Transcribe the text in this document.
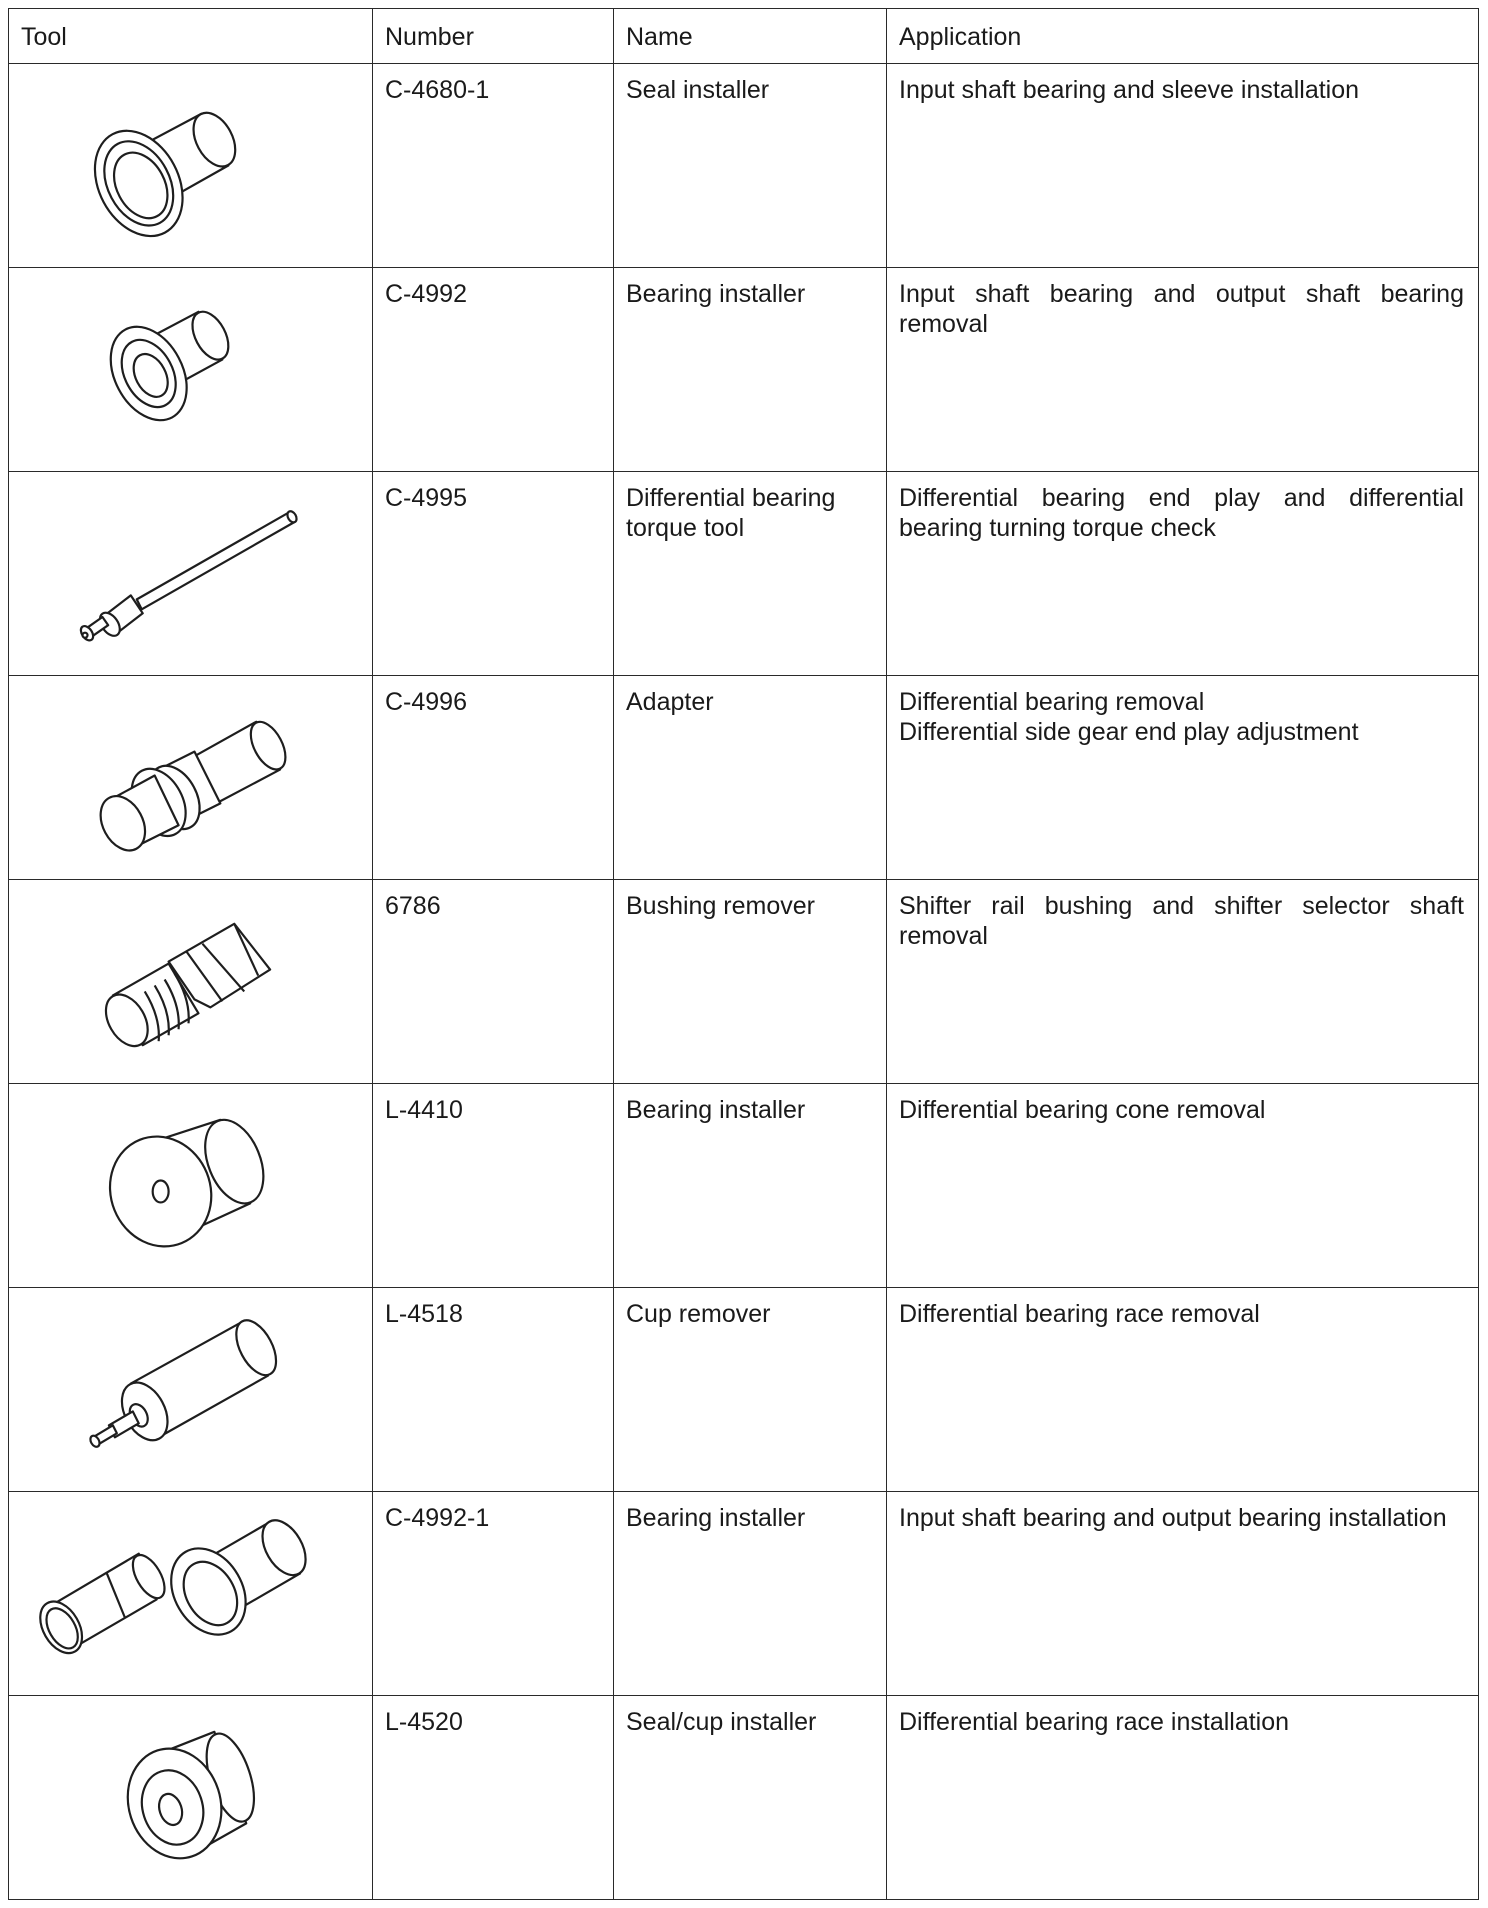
Tool	Number	Name	Application

	C-4680-1	Seal installer	Input shaft bearing and sleeve installation

	C-4992	Bearing installer	Input shaft bearing and output shaft bearing removal

	C-4995	Differential bearing torque tool	Differential bearing end play and differential bearing turning torque check

	C-4996	Adapter	Differential bearing removal
Differential side gear end play adjustment

	6786	Bushing remover	Shifter rail bushing and shifter selector shaft removal

	L-4410	Bearing installer	Differential bearing cone removal

	L-4518	Cup remover	Differential bearing race removal

	C-4992-1	Bearing installer	Input shaft bearing and output bearing installation

	L-4520	Seal/cup installer	Differential bearing race installation
